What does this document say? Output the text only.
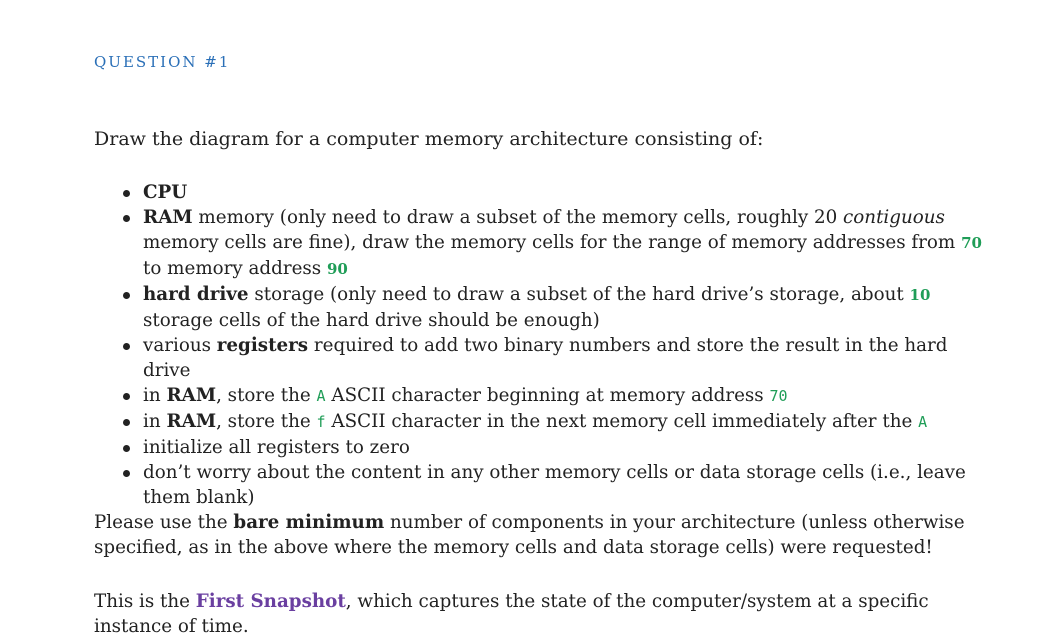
QUESTION #1
Draw the diagram for a computer memory architecture consisting of:
CPU
RAM memory (only need to draw a subset of the memory cells, roughly 20 contiguous memory cells are fine), draw the memory cells for the range of memory addresses from 70 to memory address 90
hard drive storage (only need to draw a subset of the hard drive’s storage, about 10 storage cells of the hard drive should be enough)
various registers required to add two binary numbers and store the result in the hard drive
in RAM, store the A ASCII character beginning at memory address 70
in RAM, store the f ASCII character in the next memory cell immediately after the A
initialize all registers to zero
don’t worry about the content in any other memory cells or data storage cells (i.e., leave them blank)
Please use the bare minimum number of components in your architecture (unless otherwise specified, as in the above where the memory cells and data storage cells) were requested!
This is the First Snapshot, which captures the state of the computer/system at a specific instance of time.
